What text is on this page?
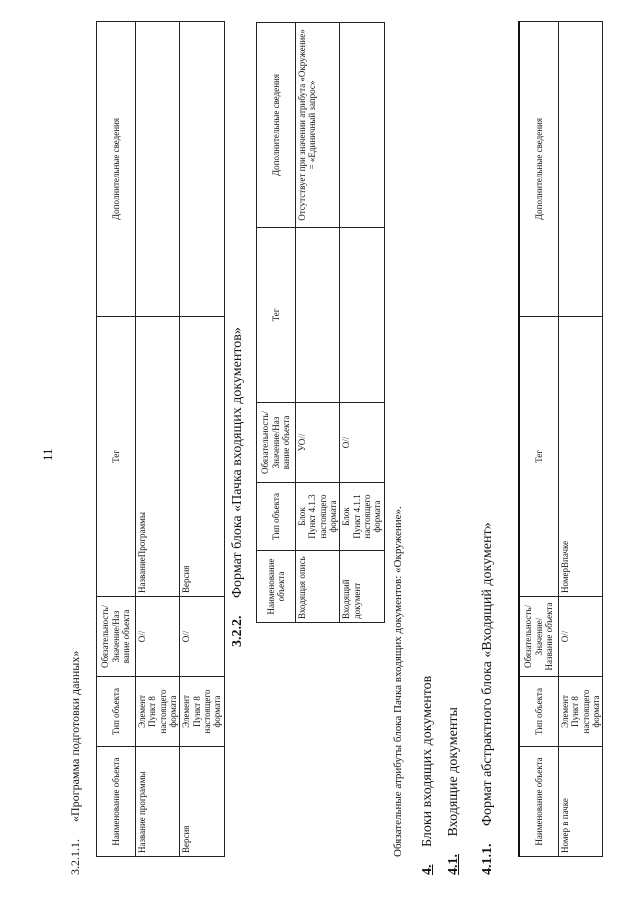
11
3.2.1.1. «Программа подготовки данных»	Наименование объекта	Тип объекта	Обязательность/Значение/Наз вание объекта	Тег	Дополнительные сведения
Название программы	Элемент Пункт 8 настоящего формата	О//	НазваниеПрограммы	
Версия	Элемент Пункт 8 настоящего формата	О//	Версия	
3.2.2. Формат блока «Пачка входящих документов» Наименование объекта	Тип объекта	Обязательность/Значение/Наз вание объекта	Тег	Дополнительные сведения
Входящая опись	Блок Пункт 4.1.3 настоящего формата	УО//		Отсутствует при значении атрибута «Окружение» = «Единичный запрос»
Входящий документ	Блок Пункт 4.1.1 настоящего формата	О//		
Обязательные атрибуты блока Пачка входящих документов: «Окружение».
4. Блоки входящих документов
4.1. Входящие документы
4.1.1. Формат абстрактного блока «Входящий документ»	Наименование объекта	Тип объекта	Обязательность/Значение/ Название объекта	Тег	Дополнительные сведения
Номер в пачке	Элемент Пункт 8 настоящего формата	О//	НомерВпачке	
